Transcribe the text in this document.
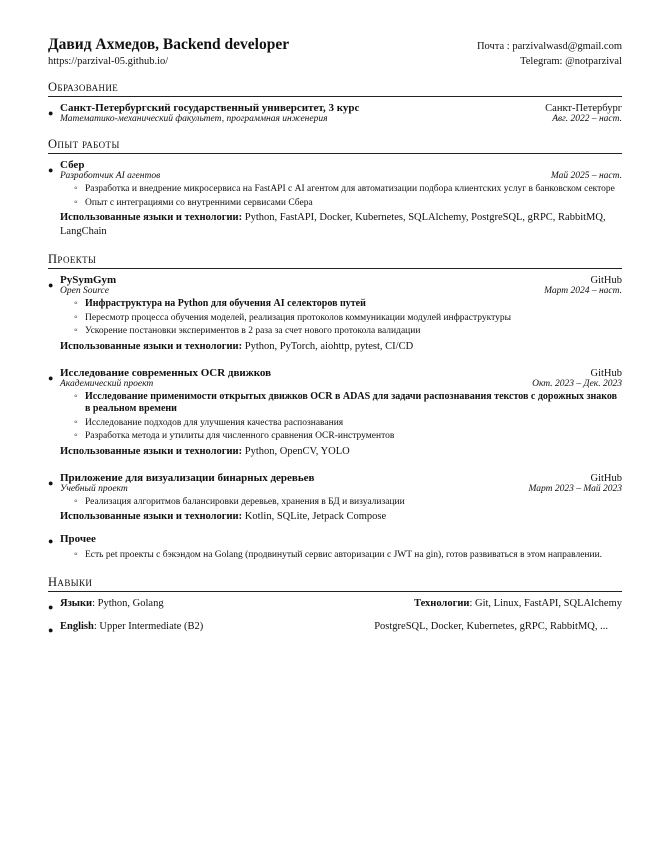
Давид Ахмедов, Backend developer	Почта : parzivalwasd@gmail.com
https://parzival-05.github.io/	Telegram: @notparzival
Образование
● Санкт-Петербургский государственный университет, 3 курс	Санкт-Петербург
Математико-механический факультет, программная инженерия	Авг. 2022 – наст.
Опыт работы
● Сбер
Разработчик AI агентов	Май 2025 – наст.
◦ Разработка и внедрение микросервиса на FastAPI с AI агентом для автоматизации подбора клиентских услуг в банковском секторе
◦ Опыт с интеграциями со внутренними сервисами Сбера
Использованные языки и технологии: Python, FastAPI, Docker, Kubernetes, SQLAlchemy, PostgreSQL, gRPC, RabbitMQ, LangChain
Проекты
● PySymGym	GitHub
Open Source	Март 2024 – наст.
◦ Инфраструктура на Python для обучения AI селекторов путей
◦ Пересмотр процесса обучения моделей, реализация протоколов коммуникации модулей инфраструктуры
◦ Ускорение постановки экспериментов в 2 раза за счет нового протокола валидации
Использованные языки и технологии: Python, PyTorch, aiohttp, pytest, CI/CD
● Исследование современных OCR движков	GitHub
Академический проект	Окт. 2023 – Дек. 2023
◦ Исследование применимости открытых движков OCR в ADAS для задачи распознавания текстов с дорожных знаков в реальном времени
◦ Исследование подходов для улучшения качества распознавания
◦ Разработка метода и утилиты для численного сравнения OCR-инструментов
Использованные языки и технологии: Python, OpenCV, YOLO
● Приложение для визуализации бинарных деревьев	GitHub
Учебный проект	Март 2023 – Май 2023
◦ Реализация алгоритмов балансировки деревьев, хранения в БД и визуализации
Использованные языки и технологии: Kotlin, SQLite, Jetpack Compose
● Прочее
◦ Есть pet проекты с бэкэндом на Golang (продвинутый сервис авторизации с JWT на gin), готов развиваться в этом направлении.
Навыки
● Языки: Python, Golang	Технологии: Git, Linux, FastAPI, SQLAlchemy
● English: Upper Intermediate (B2)	PostgreSQL, Docker, Kubernetes, gRPC, RabbitMQ, ...
